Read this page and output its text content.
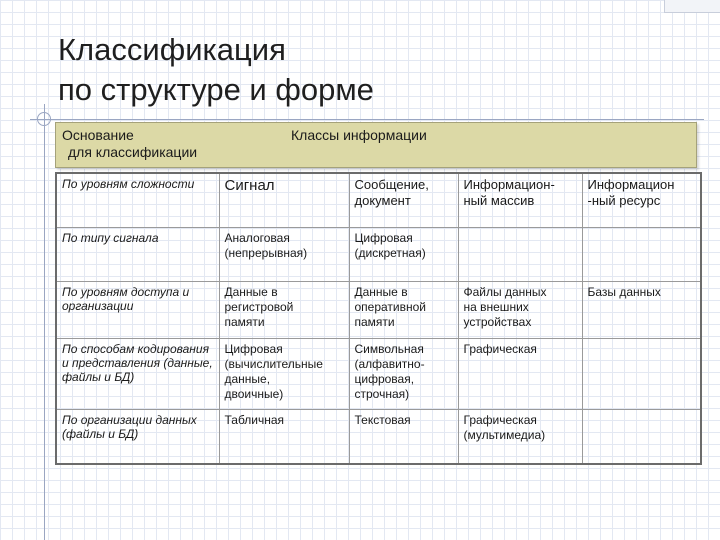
Классификация
по структуре и форме
Основание
для классификации
Классы информации
По уровням сложности	Сигнал	Сообщение,
документ	Информацион-
ный массив	Информацион
-ный ресурс

По типу сигнала	Аналоговая
(непрерывная)	Цифровая
(дискретная)		

По уровням доступа и организации	Данные в
регистровой
памяти	Данные в
оперативной
памяти	Файлы данных
на внешних
устройствах	Базы данных

По способам кодирования и представления (данные, файлы и БД)	Цифровая
(вычислительные
данные,
двоичные)	Символьная
(алфавитно-
цифровая,
строчная)	Графическая	

По организации данных (файлы и БД)	Табличная	Текстовая	Графическая
(мультимедиа)	
